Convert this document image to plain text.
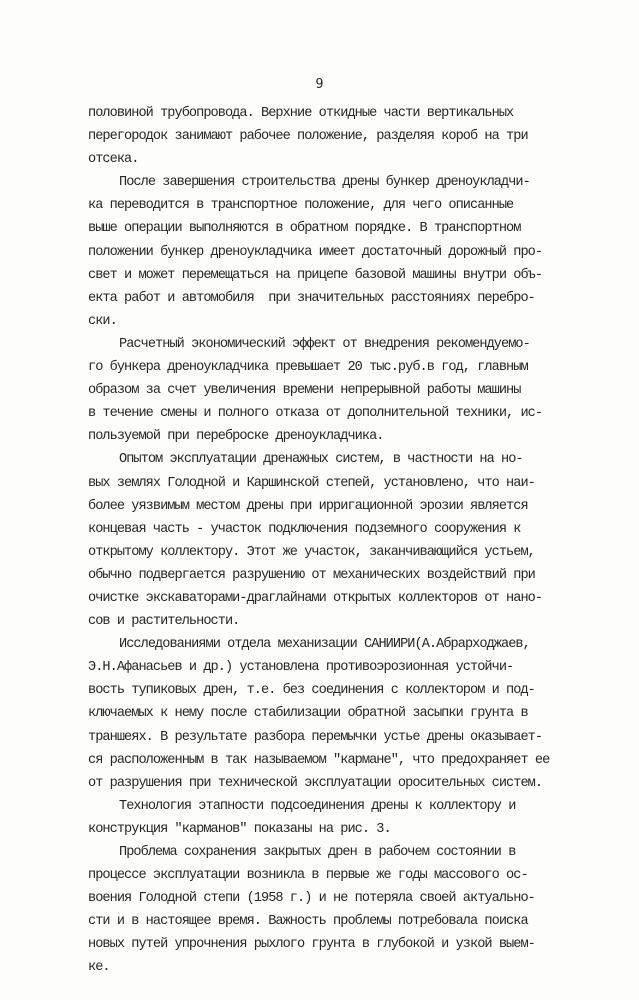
9
половиной трубопровода. Верхние откидные части вертикальных
перегородок занимают рабочее положение, разделяя короб на три
отсека.
После завершения строительства дрены бункер дреноукладчи-
ка переводится в транспортное положение, для чего описанные
выше операции выполняются в обратном порядке. В транспортном
положении бункер дреноукладчика имеет достаточный дорожный про-
свет и может перемещаться на прицепе базовой машины внутри объ-
екта работ и автомобиля  при значительных расстояниях перебро-
ски.
Расчетный экономический эффект от внедрения рекомендуемо-
го бункера дреноукладчика превышает 20 тыс.руб.в год, главным
образом за счет увеличения времени непрерывной работы машины
в течение смены и полного отказа от дополнительной техники, ис-
пользуемой при переброске дреноукладчика.
Опытом эксплуатации дренажных систем, в частности на но-
вых землях Голодной и Каршинской степей, установлено, что наи-
более уязвимым местом дрены при ирригационной эрозии является
концевая часть - участок подключения подземного сооружения к
открытому коллектору. Этот же участок, заканчивающийся устьем,
обычно подвергается разрушению от механических воздействий при
очистке экскаваторами-драглайнами открытых коллекторов от нано-
сов и растительности.
Исследованиями отдела механизации САНИИРИ(А.Абрарходжаев,
Э.Н.Афанасьев и др.) установлена противоэрозионная устойчи-
вость тупиковых дрен, т.е. без соединения с коллектором и под-
ключаемых к нему после стабилизации обратной засыпки грунта в
траншеях. В результате разбора перемычки устье дрены оказывает-
ся расположенным в так называемом "кармане", что предохраняет ее
от разрушения при технической эксплуатации оросительных систем.
Технология этапности подсоединения дрены к коллектору и
конструкция "карманов" показаны на рис. 3.
Проблема сохранения закрытых дрен в рабочем состоянии в
процессе эксплуатации возникла в первые же годы массового ос-
воения Голодной степи (1958 г.) и не потеряла своей актуально-
сти и в настоящее время. Важность проблемы потребовала поиска
новых путей упрочнения рыхлого грунта в глубокой и узкой выем-
ке.
